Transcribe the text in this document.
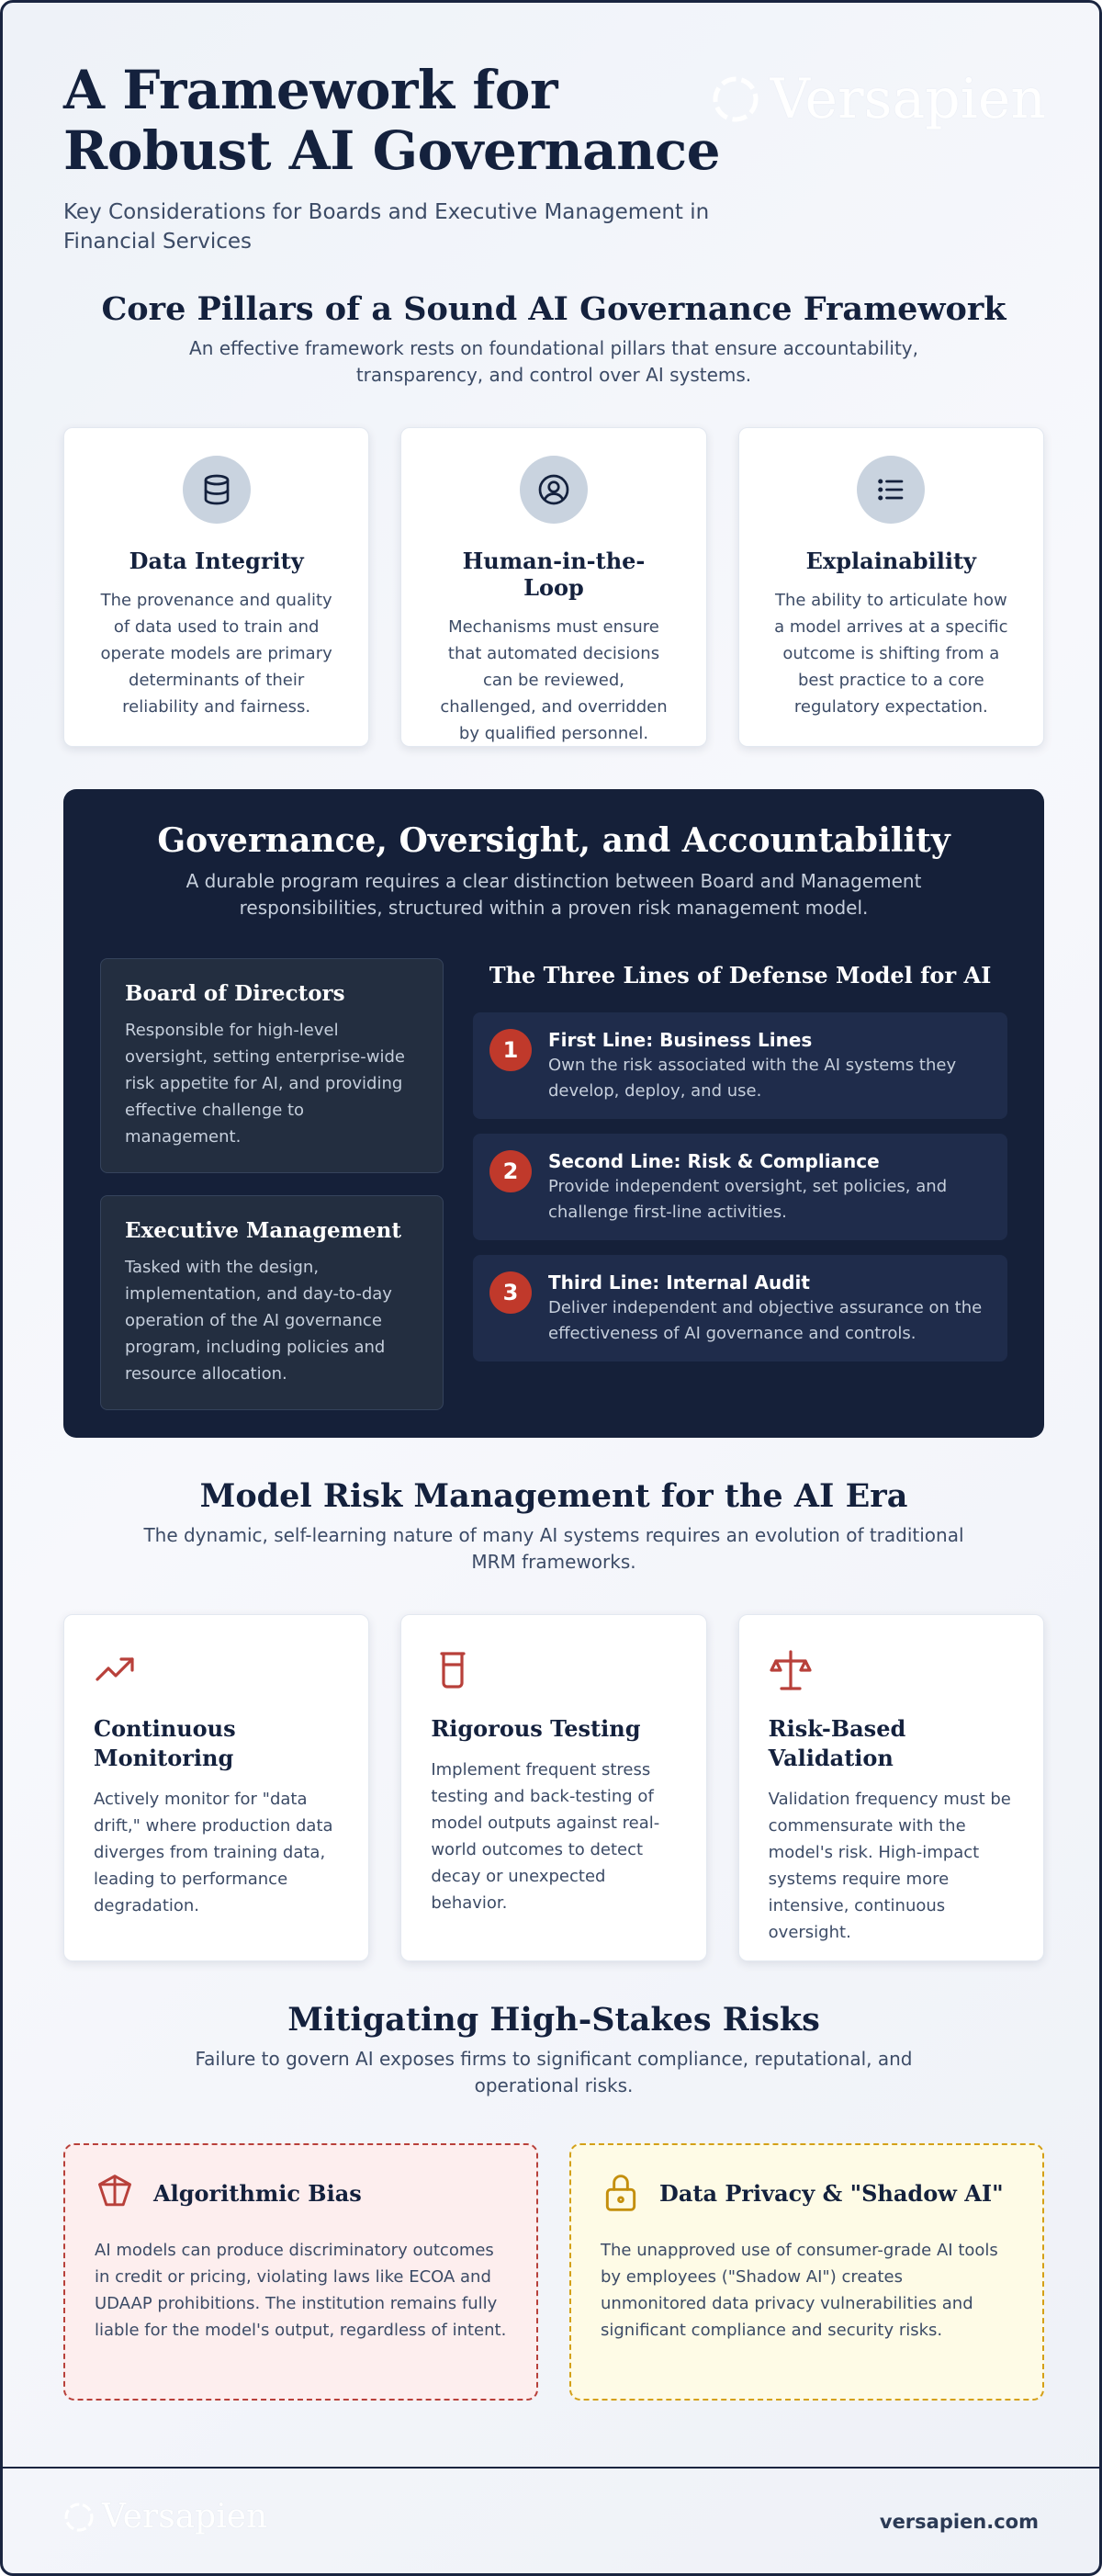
A Framework for Robust AI Governance

Key Considerations for Boards and Executive Management in Financial Services

Versapien
Core Pillars of a Sound AI Governance Framework

An effective framework rests on foundational pillars that ensure accountability, transparency, and control over AI systems.

Data Integrity

The provenance and quality of data used to train and operate models are primary determinants of their reliability and fairness.

Human-in-the-Loop

Mechanisms must ensure that automated decisions can be reviewed, challenged, and overridden by qualified personnel.

Explainability

The ability to articulate how a model arrives at a specific outcome is shifting from a best practice to a core regulatory expectation.

Governance, Oversight, and Accountability

A durable program requires a clear distinction between Board and Management responsibilities, structured within a proven risk management model.

Board of Directors

Responsible for high-level oversight, setting enterprise-wide risk appetite for AI, and providing effective challenge to management.

Executive Management

Tasked with the design, implementation, and day-to-day operation of the AI governance program, including policies and resource allocation.

The Three Lines of Defense Model for AI
1	First Line: Business Lines
Own the risk associated with the AI systems they develop, deploy, and use.
2	Second Line: Risk & Compliance
Provide independent oversight, set policies, and challenge first-line activities.
3	Third Line: Internal Audit
Deliver independent and objective assurance on the effectiveness of AI governance and controls.
Model Risk Management for the AI Era

The dynamic, self-learning nature of many AI systems requires an evolution of traditional MRM frameworks.

Continuous Monitoring

Actively monitor for "data drift," where production data diverges from training data, leading to performance degradation.

Rigorous Testing

Implement frequent stress testing and back-testing of model outputs against real-world outcomes to detect decay or unexpected behavior.

Risk-Based Validation

Validation frequency must be commensurate with the model's risk. High-impact systems require more intensive, continuous oversight.

Mitigating High-Stakes Risks

Failure to govern AI exposes firms to significant compliance, reputational, and operational risks.

Algorithmic Bias

AI models can produce discriminatory outcomes in credit or pricing, violating laws like ECOA and UDAAP prohibitions. The institution remains fully liable for the model's output, regardless of intent.

Data Privacy & "Shadow AI"

The unapproved use of consumer-grade AI tools by employees ("Shadow AI") creates unmonitored data privacy vulnerabilities and significant compliance and security risks.

Versapien	versapien.com
